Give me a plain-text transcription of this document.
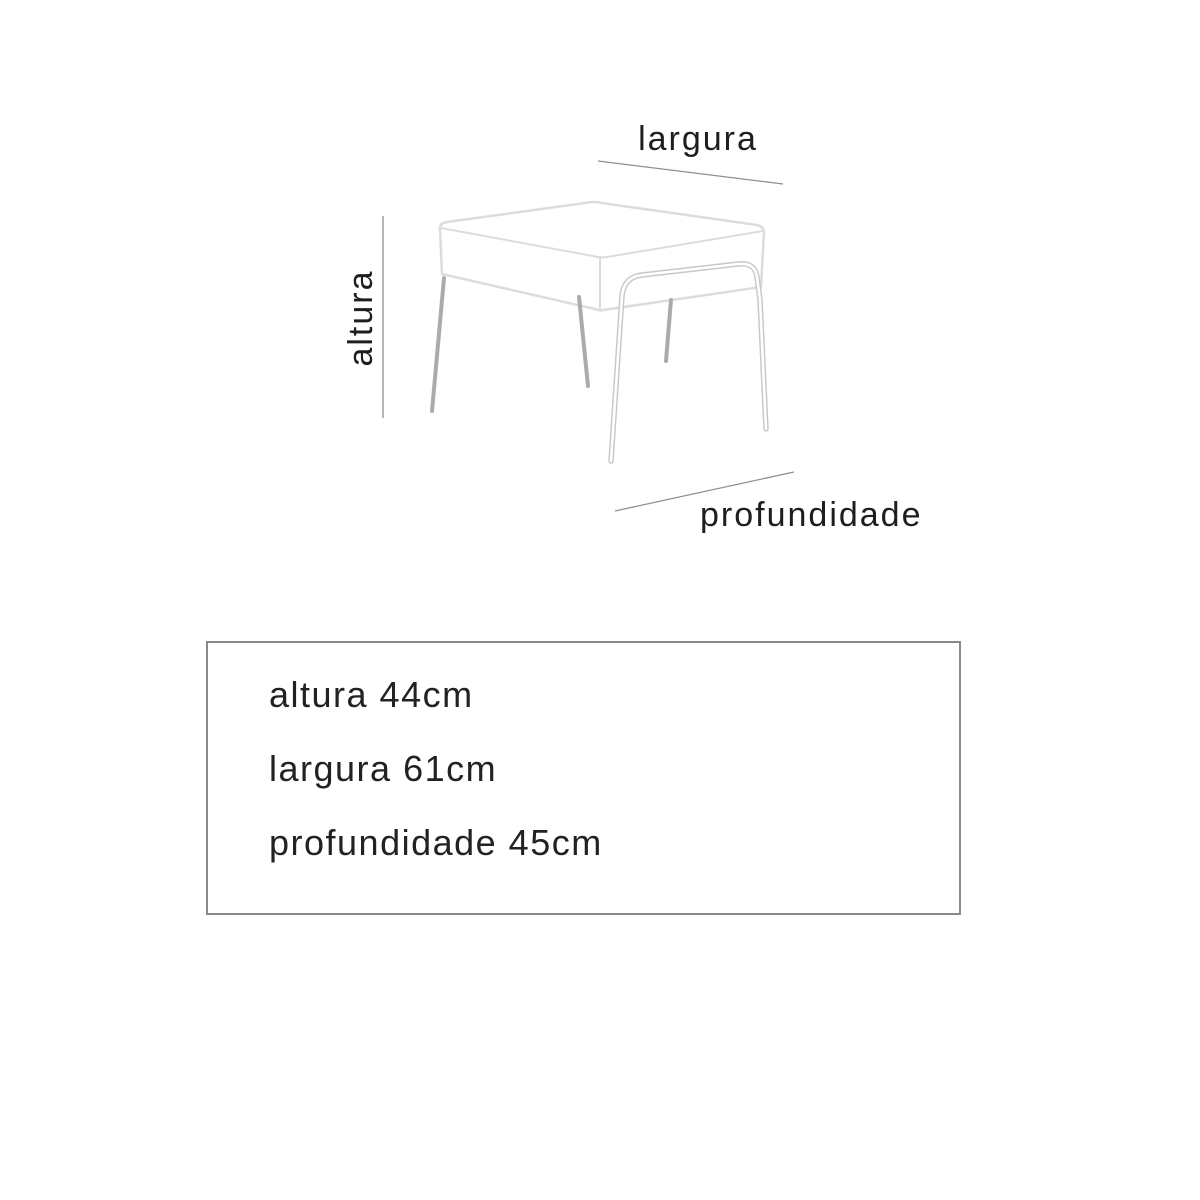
largura
altura
profundidade
altura 44cm
largura 61cm
profundidade 45cm
